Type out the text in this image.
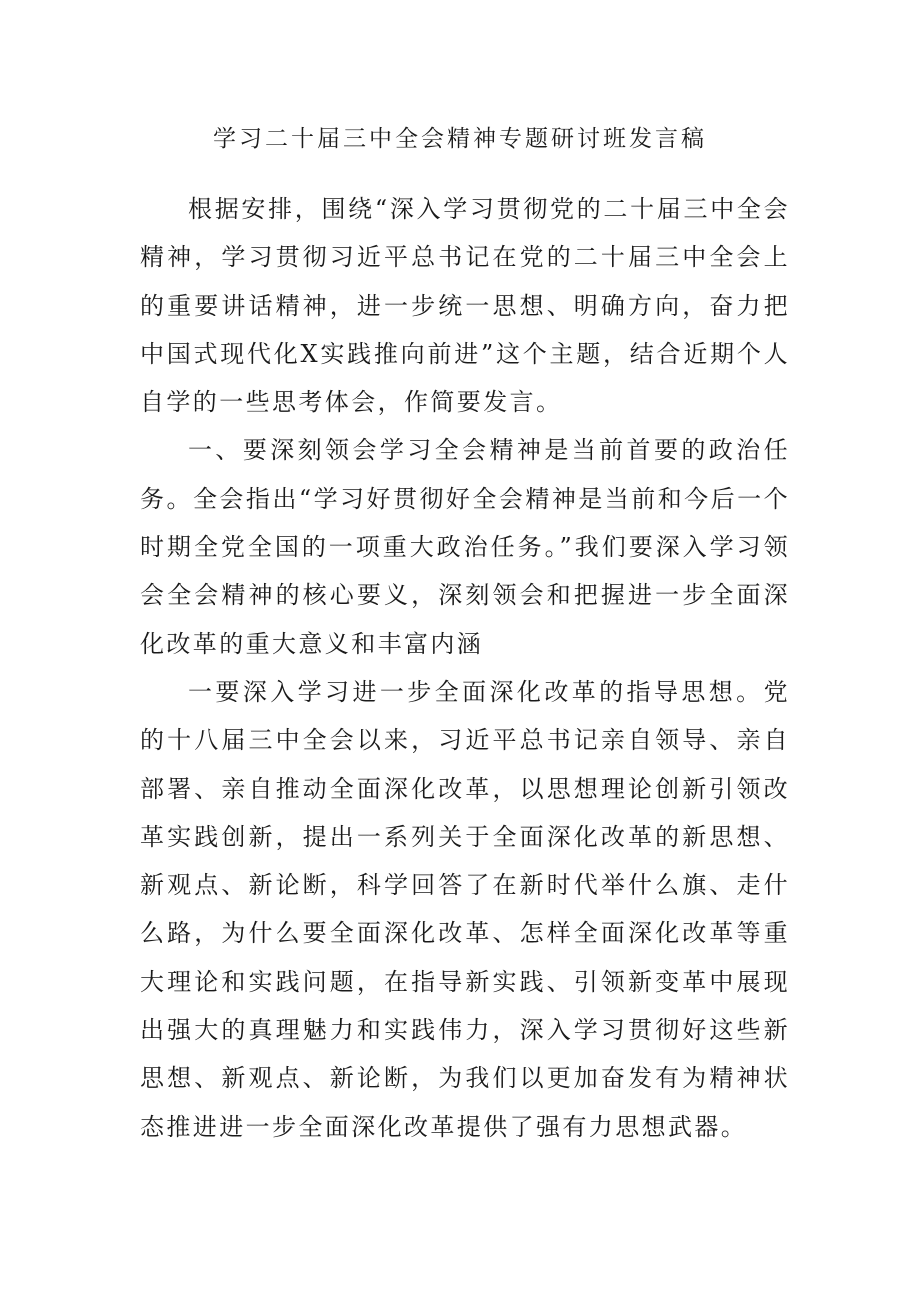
学习二十届三中全会精神专题研讨班发言稿

根据安排，围绕“深入学习贯彻党的二十届三中全会精神，学习贯彻习近平总书记在党的二十届三中全会上的重要讲话精神，进一步统一思想、明确方向，奋力把中国式现代化X实践推向前进”这个主题，结合近期个人自学的一些思考体会，作简要发言。

一、要深刻领会学习全会精神是当前首要的政治任务。全会指出“学习好贯彻好全会精神是当前和今后一个时期全党全国的一项重大政治任务。”我们要深入学习领会全会精神的核心要义，深刻领会和把握进一步全面深化改革的重大意义和丰富内涵

一要深入学习进一步全面深化改革的指导思想。党的十八届三中全会以来，习近平总书记亲自领导、亲自部署、亲自推动全面深化改革，以思想理论创新引领改革实践创新，提出一系列关于全面深化改革的新思想、新观点、新论断，科学回答了在新时代举什么旗、走什么路，为什么要全面深化改革、怎样全面深化改革等重大理论和实践问题，在指导新实践、引领新变革中展现出强大的真理魅力和实践伟力，深入学习贯彻好这些新思想、新观点、新论断，为我们以更加奋发有为精神状态推进进一步全面深化改革提供了强有力思想武器。
